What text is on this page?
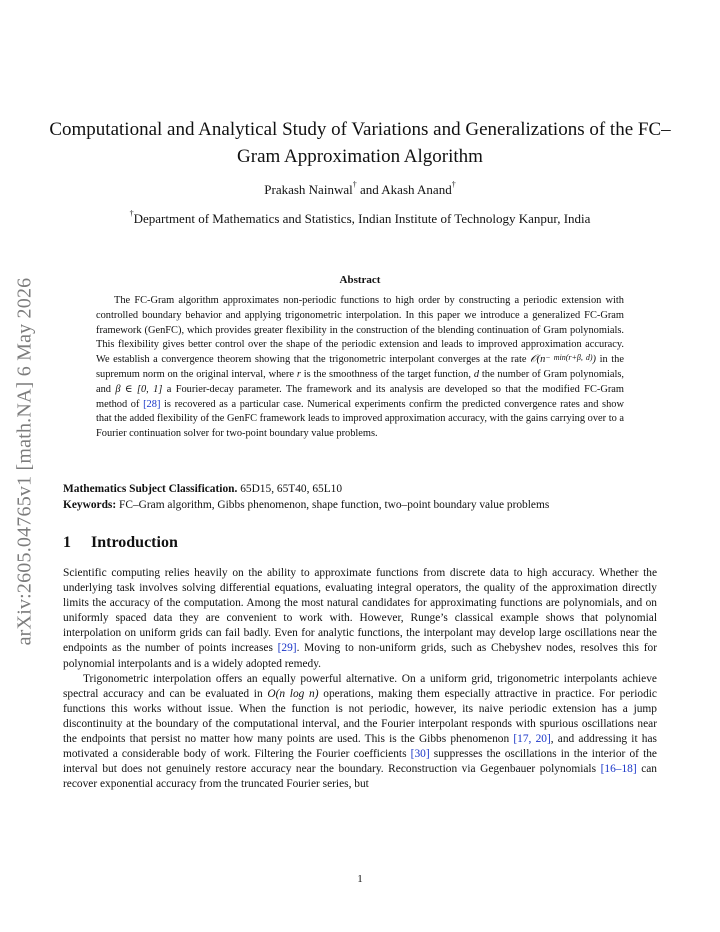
arXiv:2605.04765v1 [math.NA] 6 May 2026
Computational and Analytical Study of Variations and Generalizations of the FC–Gram Approximation Algorithm
Prakash Nainwal† and Akash Anand†
†Department of Mathematics and Statistics, Indian Institute of Technology Kanpur, India
Abstract
The FC-Gram algorithm approximates non-periodic functions to high order by constructing a periodic extension with controlled boundary behavior and applying trigonometric interpolation. In this paper we introduce a generalized FC-Gram framework (GenFC), which provides greater flexibility in the construction of the blending continuation of Gram polynomials. This flexibility gives better control over the shape of the periodic extension and leads to improved approximation accuracy. We establish a convergence theorem showing that the trigonometric interpolant converges at the rate $𝒪(n^{- min(r+\beta, d)})$ in the supremum norm on the original interval, where r is the smoothness of the target function, d the number of Gram polynomials, and β ∈ [0, 1] a Fourier-decay parameter. The framework and its analysis are developed so that the modified FC-Gram method of [28] is recovered as a particular case. Numerical experiments confirm the predicted convergence rates and show that the added flexibility of the GenFC framework leads to improved approximation accuracy, with the gains carrying over to a Fourier continuation solver for two-point boundary value problems.
Mathematics Subject Classification. 65D15, 65T40, 65L10
Keywords: FC–Gram algorithm, Gibbs phenomenon, shape function, two–point boundary value problems
1 Introduction

Scientific computing relies heavily on the ability to approximate functions from discrete data to high accuracy. Whether the underlying task involves solving differential equations, evaluating integral operators, the quality of the approximation directly limits the accuracy of the computation. Among the most natural candidates for approximating functions are polynomials, and on uniformly spaced data they are convenient to work with. However, Runge’s classical example shows that polynomial interpolation on uniform grids can fail badly. Even for analytic functions, the interpolant may develop large oscillations near the endpoints as the number of points increases [29]. Moving to non-uniform grids, such as Chebyshev nodes, resolves this for polynomial interpolants and is a widely adopted remedy.

Trigonometric interpolation offers an equally powerful alternative. On a uniform grid, trigonometric interpolants achieve spectral accuracy and can be evaluated in O(n log n) operations, making them especially attractive in practice. For periodic functions this works without issue. When the function is not periodic, however, its naive periodic extension has a jump discontinuity at the boundary of the computational interval, and the Fourier interpolant responds with spurious oscillations near the endpoints that persist no matter how many points are used. This is the Gibbs phenomenon [17, 20], and addressing it has motivated a considerable body of work. Filtering the Fourier coefficients [30] suppresses the oscillations in the interior of the interval but does not genuinely restore accuracy near the boundary. Reconstruction via Gegenbauer polynomials [16–18] can recover exponential accuracy from the truncated Fourier series, but

1
